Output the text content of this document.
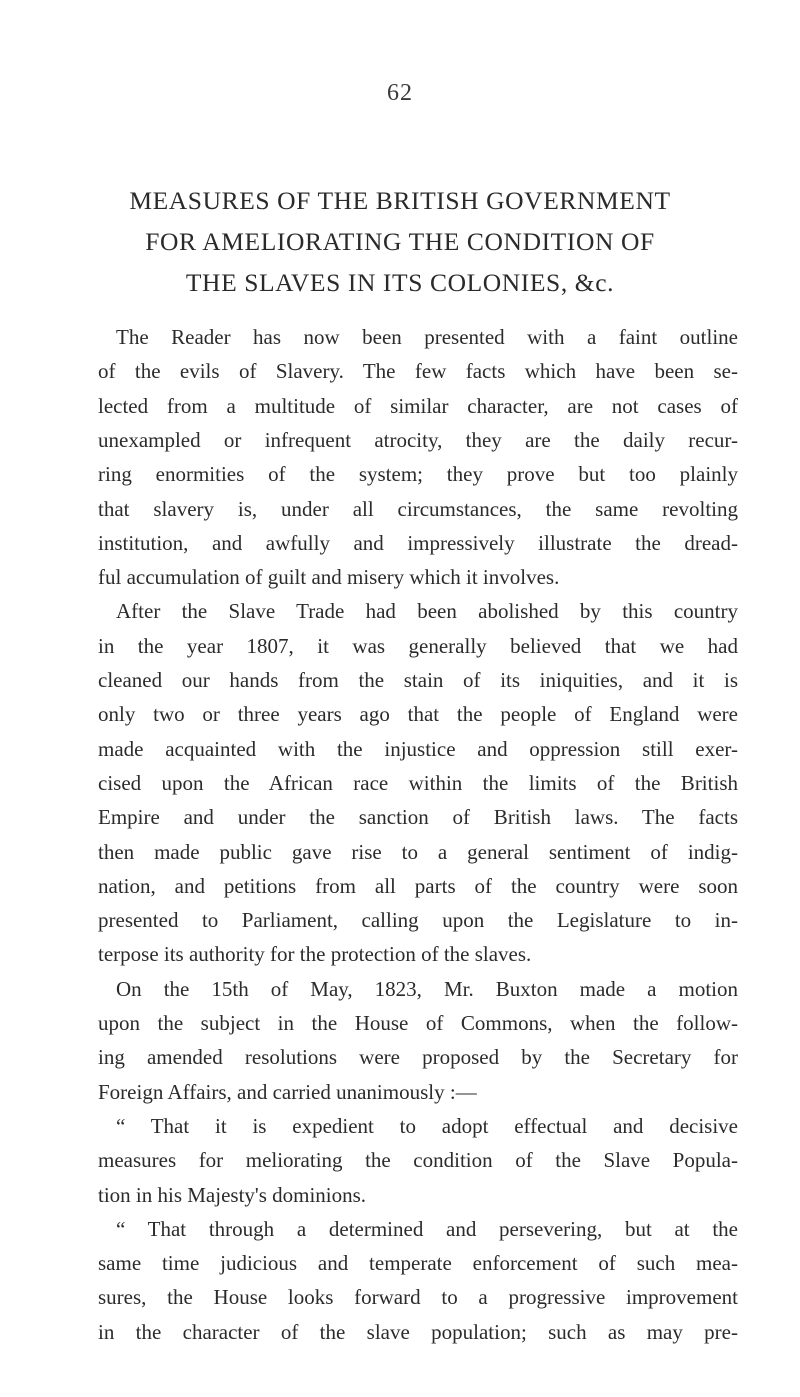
62
MEASURES OF THE BRITISH GOVERNMENT
FOR AMELIORATING THE CONDITION OF
THE SLAVES IN ITS COLONIES, &c.
The Reader has now been presented with a faint outline
of the evils of Slavery. The few facts which have been se-
lected from a multitude of similar character, are not cases of
unexampled or infrequent atrocity, they are the daily recur-
ring enormities of the system; they prove but too plainly
that slavery is, under all circumstances, the same revolting
institution, and awfully and impressively illustrate the dread-
ful accumulation of guilt and misery which it involves.
After the Slave Trade had been abolished by this country
in the year 1807, it was generally believed that we had
cleaned our hands from the stain of its iniquities, and it is
only two or three years ago that the people of England were
made acquainted with the injustice and oppression still exer-
cised upon the African race within the limits of the British
Empire and under the sanction of British laws. The facts
then made public gave rise to a general sentiment of indig-
nation, and petitions from all parts of the country were soon
presented to Parliament, calling upon the Legislature to in-
terpose its authority for the protection of the slaves.
On the 15th of May, 1823, Mr. Buxton made a motion
upon the subject in the House of Commons, when the follow-
ing amended resolutions were proposed by the Secretary for
Foreign Affairs, and carried unanimously :—
“ That it is expedient to adopt effectual and decisive
measures for meliorating the condition of the Slave Popula-
tion in his Majesty's dominions.
“ That through a determined and persevering, but at the
same time judicious and temperate enforcement of such mea-
sures, the House looks forward to a progressive improvement
in the character of the slave population; such as may pre-
